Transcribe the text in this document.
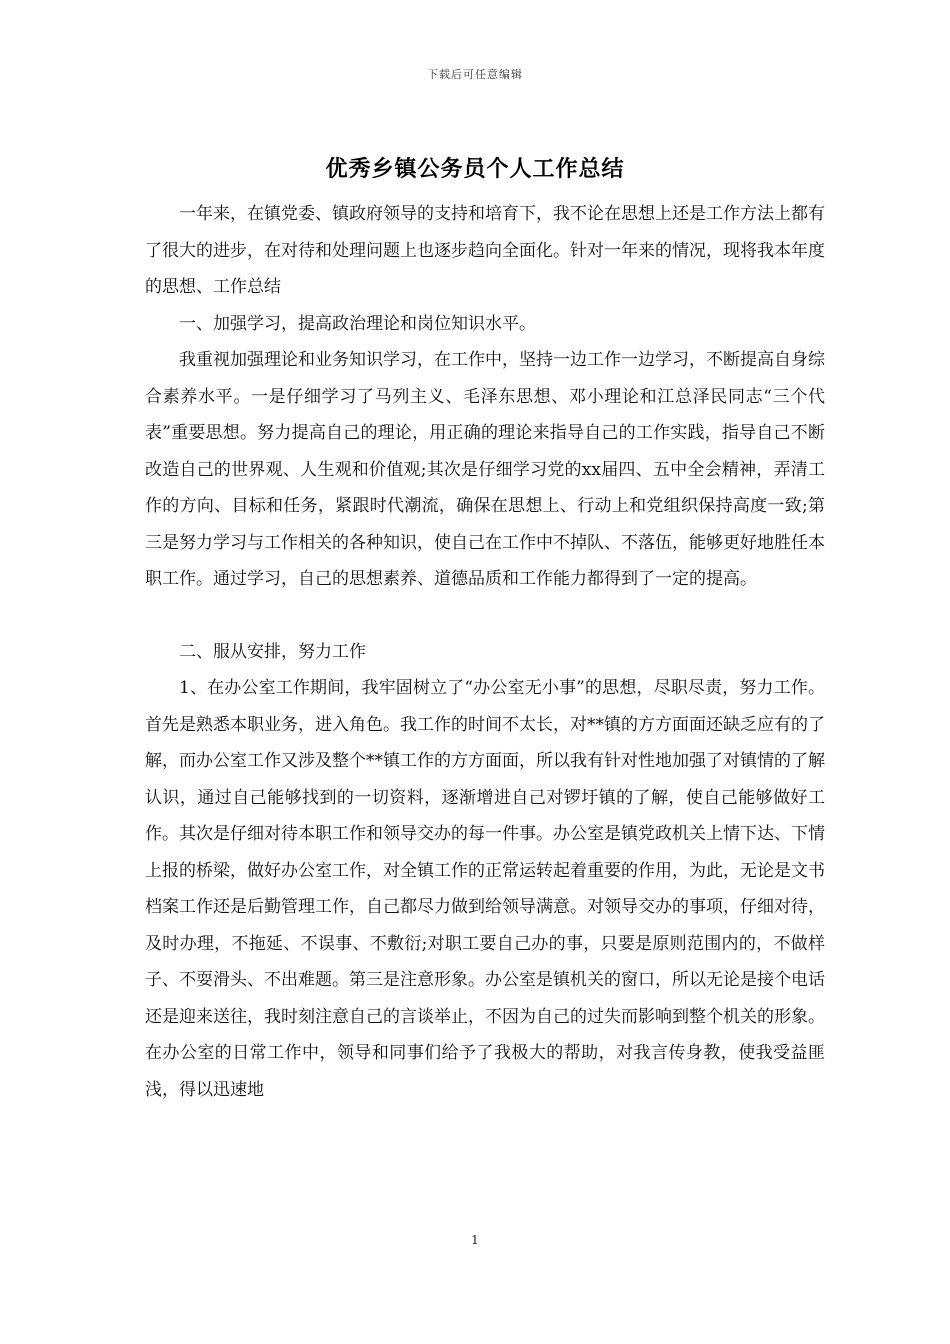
下载后可任意编辑
优秀乡镇公务员个人工作总结

一年来，在镇党委、镇政府领导的支持和培育下，我不论在思想上还是工作方法上都有了很大的进步，在对待和处理问题上也逐步趋向全面化。针对一年来的情况，现将我本年度的思想、工作总结

一、加强学习，提高政治理论和岗位知识水平。

我重视加强理论和业务知识学习，在工作中，坚持一边工作一边学习，不断提高自身综合素养水平。一是仔细学习了马列主义、毛泽东思想、邓小理论和江总泽民同志“三个代表”重要思想。努力提高自己的理论，用正确的理论来指导自己的工作实践，指导自己不断改造自己的世界观、人生观和价值观;其次是仔细学习党的xx届四、五中全会精神，弄清工作的方向、目标和任务，紧跟时代潮流，确保在思想上、行动上和党组织保持高度一致;第三是努力学习与工作相关的各种知识，使自己在工作中不掉队、不落伍，能够更好地胜任本职工作。通过学习，自己的思想素养、道德品质和工作能力都得到了一定的提高。

二、服从安排，努力工作

1、在办公室工作期间，我牢固树立了“办公室无小事”的思想，尽职尽责，努力工作。首先是熟悉本职业务，进入角色。我工作的时间不太长，对**镇的方方面面还缺乏应有的了解，而办公室工作又涉及整个**镇工作的方方面面，所以我有针对性地加强了对镇情的了解认识，通过自己能够找到的一切资料，逐渐增进自己对锣圩镇的了解，使自己能够做好工作。其次是仔细对待本职工作和领导交办的每一件事。办公室是镇党政机关上情下达、下情上报的桥梁，做好办公室工作，对全镇工作的正常运转起着重要的作用，为此，无论是文书档案工作还是后勤管理工作，自己都尽力做到给领导满意。对领导交办的事项，仔细对待，及时办理，不拖延、不误事、不敷衍;对职工要自己办的事，只要是原则范围内的，不做样子、不耍滑头、不出难题。第三是注意形象。办公室是镇机关的窗口，所以无论是接个电话还是迎来送往，我时刻注意自己的言谈举止，不因为自己的过失而影响到整个机关的形象。在办公室的日常工作中，领导和同事们给予了我极大的帮助，对我言传身教，使我受益匪浅，得以迅速地

1
